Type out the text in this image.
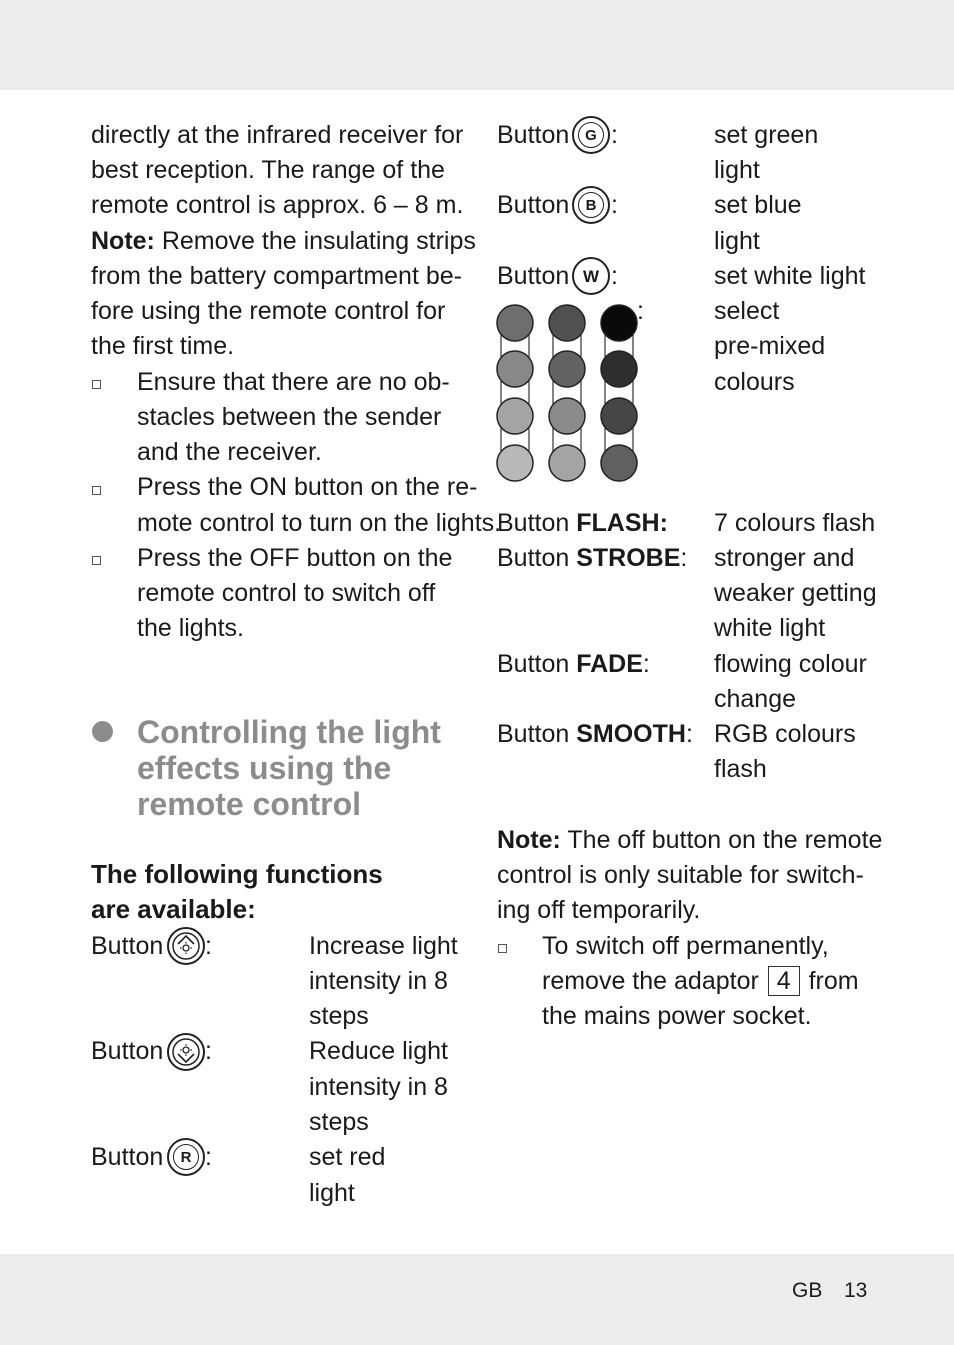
directly at the infrared receiver for
best reception. The range of the
remote control is approx. 6 – 8 m.
Note: Remove the insulating strips
from the battery compartment be-
fore using the remote control for
the first time.
Ensure that there are no ob-
stacles between the sender
and the receiver.
Press the ON button on the re-
mote control to turn on the lights.
Press the OFF button on the
remote control to switch off
the lights.
Controlling the light
effects using the
remote control
The following functions
are available:
Button :	Increase light
intensity in 8
steps
Button :	Reduce light
intensity in 8
steps
Button	R :	set red
light
Button	G :	set green
light
Button	B :	set blue
light
Button W :	set white light
:	select
pre-mixed
colours
Button FLASH: 7 colours flash
Button STROBE: stronger and
weaker getting
white light
Button FADE:	flowing colour
change
Button SMOOTH: RGB colours
flash
Note: The off button on the remote
control is only suitable for switch-
ing off temporarily.
To switch off permanently,
remove the adaptor 4 from
the mains power socket.
GB 13
